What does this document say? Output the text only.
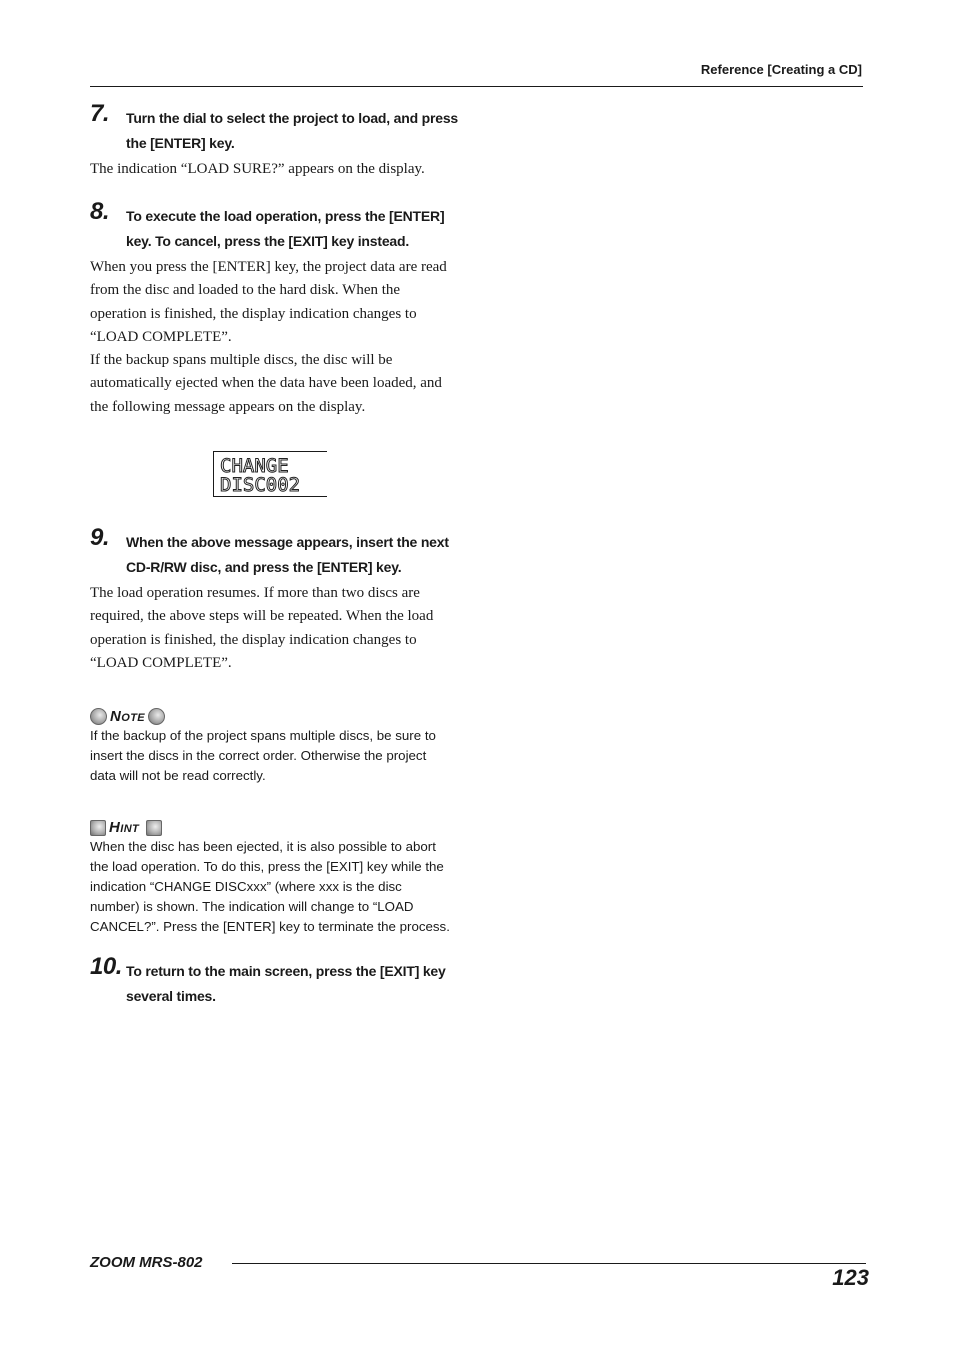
Reference [Creating a CD]
7. Turn the dial to select the project to load, and press
the [ENTER] key.

The indication “LOAD SURE?” appears on the display.

8. To execute the load operation, press the [ENTER]
key. To cancel, press the [EXIT] key instead.

When you press the [ENTER] key, the project data are read

from the disc and loaded to the hard disk. When the

operation is finished, the display indication changes to

“LOAD COMPLETE”.

If the backup spans multiple discs, the disc will be

automatically ejected when the data have been loaded, and

the following message appears on the display.

CHANGE
DISC002
9. When the above message appears, insert the next
CD-R/RW disc, and press the [ENTER] key.

The load operation resumes. If more than two discs are

required, the above steps will be repeated. When the load

operation is finished, the display indication changes to

“LOAD COMPLETE”.

Note

If the backup of the project spans multiple discs, be sure to

insert the discs in the correct order. Otherwise the project

data will not be read correctly.

Hint

When the disc has been ejected, it is also possible to abort

the load operation. To do this, press the [EXIT] key while the

indication “CHANGE DISCxxx” (where xxx is the disc

number) is shown. The indication will change to “LOAD

CANCEL?”. Press the [ENTER] key to terminate the process.

10. To return to the main screen, press the [EXIT] key
several times.
ZOOM MRS-802
123
